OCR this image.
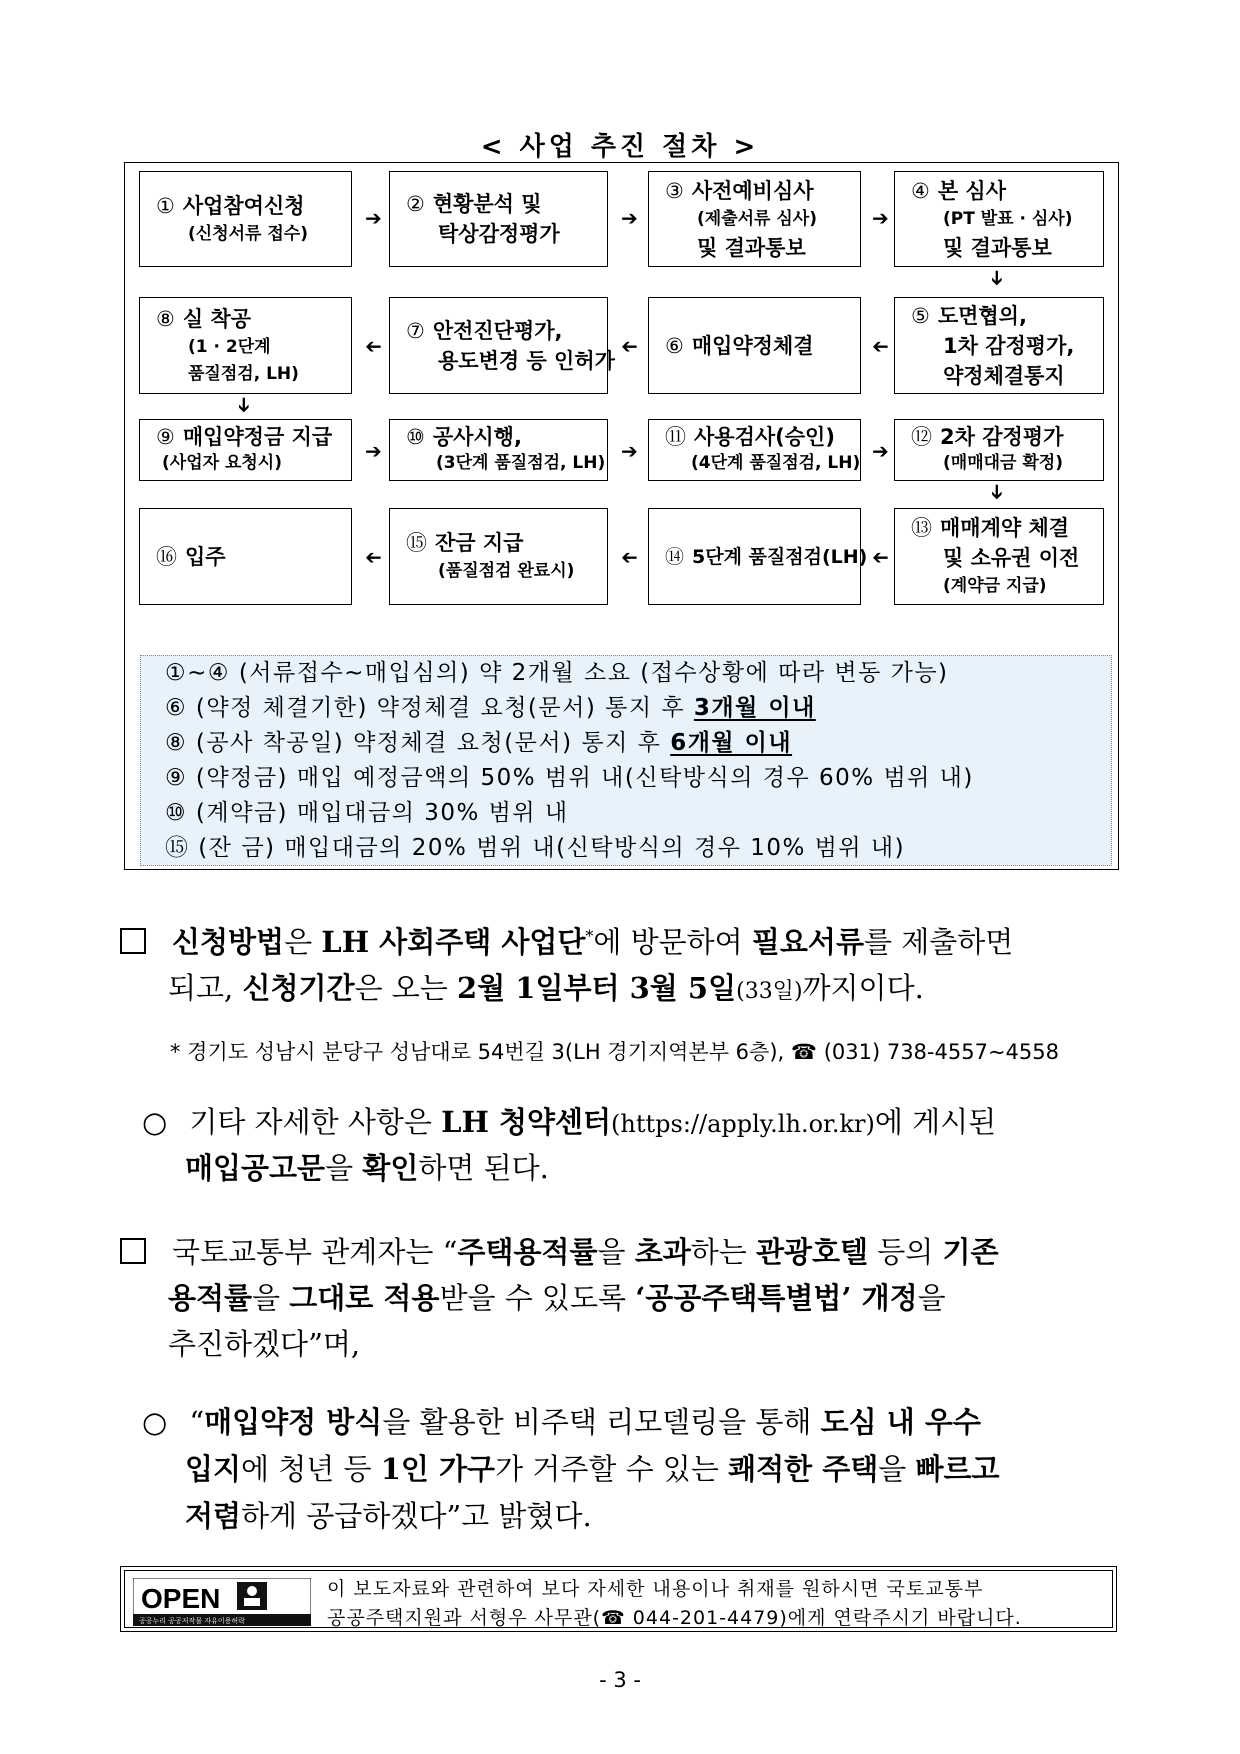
< 사업 추진 절차 >
① 사업참여신청
(신청서류 접수)
➔
② 현황분석 및
탁상감정평가
➔
③ 사전예비심사
(제출서류 심사)
및 결과통보
➔
④ 본 심사
(PT 발표 · 심사)
및 결과통보
➔
⑧ 실 착공
(1 · 2단계
품질점검, LH)
➔
⑦ 안전진단평가,
용도변경 등 인허가
➔ ⑥ 매입약정체결	➔
⑤ 도면협의,
1차 감정평가,
약정체결통지
➔
⑨ 매입약정금 지급
(사업자 요청시)	➔
⑩ 공사시행,
(3단계 품질점검, LH) ➔
⑪ 사용검사(승인)
(4단계 품질점검, LH) ➔
⑫ 2차 감정평가
(매매대금 확정)
➔
⑯ 입주	➔
⑮ 잔금 지급
(품질점검 완료시)
➔ ⑭ 5단계 품질점검(LH) ➔
⑬ 매매계약 체결
및 소유권 이전
(계약금 지급)
①∼④ (서류접수∼매입심의) 약 2개월 소요 (접수상황에 따라 변동 가능)
⑥ (약정 체결기한) 약정체결 요청(문서) 통지 후 3개월 이내
⑧ (공사 착공일) 약정체결 요청(문서) 통지 후 6개월 이내
⑨ (약정금) 매입 예정금액의 50% 범위 내(신탁방식의 경우 60% 범위 내)
⑩ (계약금) 매입대금의 30% 범위 내
⑮ (잔 금) 매입대금의 20% 범위 내(신탁방식의 경우 10% 범위 내)
신청방법은 LH 사회주택 사업단*에 방문하여 필요서류를 제출하면
되고, 신청기간은 오는 2월 1일부터 3월 5일(33일)까지이다.
* 경기도 성남시 분당구 성남대로 54번길 3(LH 경기지역본부 6층), ☎ (031) 738-4557∼4558
○ 기타 자세한 사항은 LH 청약센터(https://apply.lh.or.kr)에 게시된
매입공고문을 확인하면 된다.
국토교통부 관계자는 “주택용적률을 초과하는 관광호텔 등의 기존
용적률을 그대로 적용받을 수 있도록 ‘공공주택특별법’ 개정을
추진하겠다”며,
○ “매입약정 방식을 활용한 비주택 리모델링을 통해 도심 내 우수
입지에 청년 등 1인 가구가 거주할 수 있는 쾌적한 주택을 빠르고
저렴하게 공급하겠다”고 밝혔다.
OPEN
공공누리 공공저작물 자유이용허락
이 보도자료와 관련하여 보다 자세한 내용이나 취재를 원하시면 국토교통부
공공주택지원과 서형우 사무관(☎ 044-201-4479)에게 연락주시기 바랍니다.
- 3 -
